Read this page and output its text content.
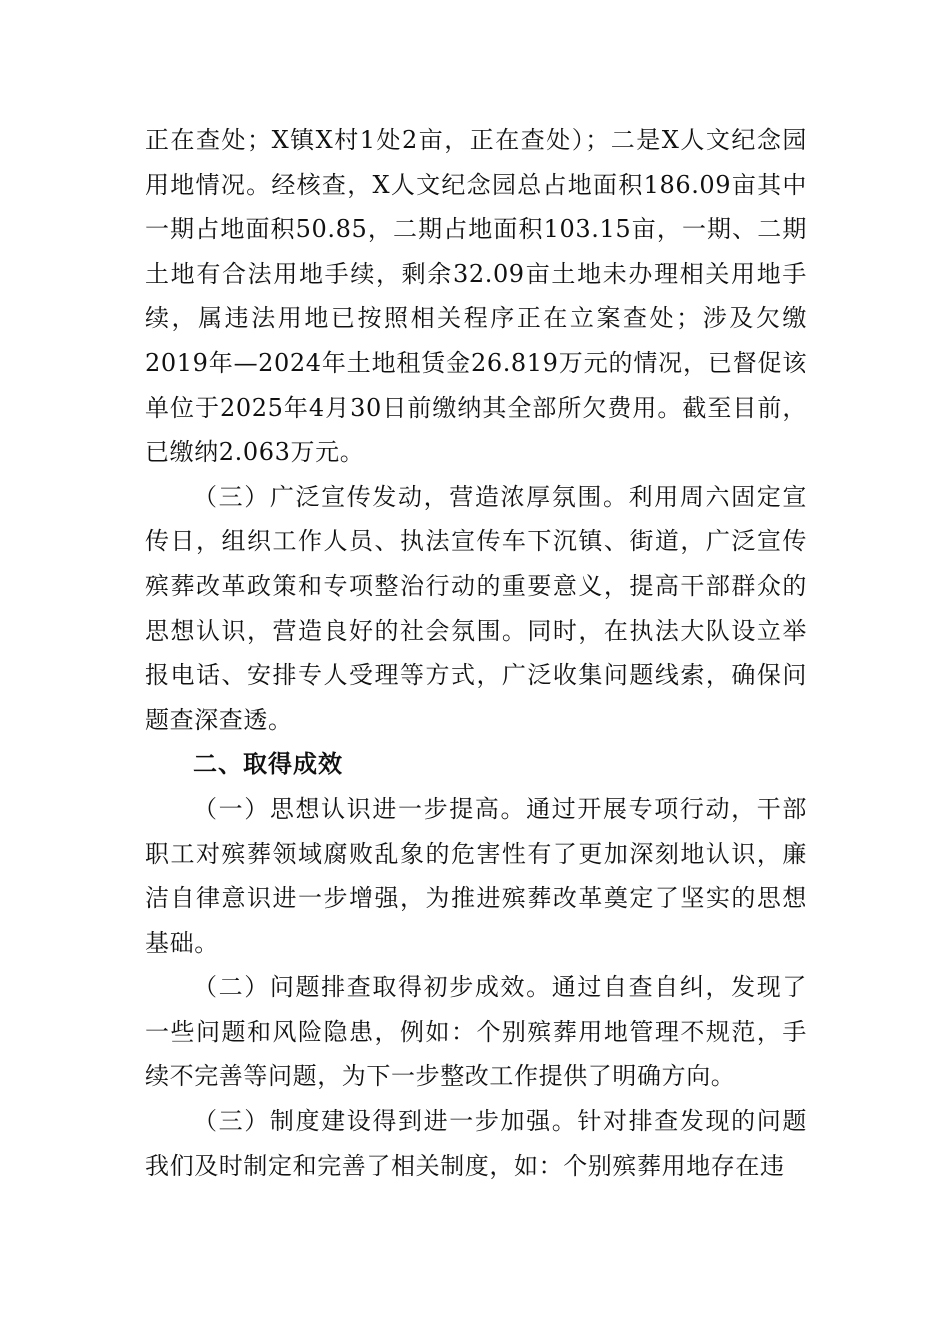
正在查处；X镇X村1处2亩，正在查处）；二是X人文纪念园用地情况。经核查，X人文纪念园总占地面积186.09亩其中一期占地面积50.85，二期占地面积103.15亩，一期、二期土地有合法用地手续，剩余32.09亩土地未办理相关用地手续，属违法用地已按照相关程序正在立案查处；涉及欠缴2019年—2024年土地租赁金26.819万元的情况，已督促该单位于2025年4月30日前缴纳其全部所欠费用。截至目前，已缴纳2.063万元。

（三）广泛宣传发动，营造浓厚氛围。利用周六固定宣传日，组织工作人员、执法宣传车下沉镇、街道，广泛宣传殡葬改革政策和专项整治行动的重要意义，提高干部群众的思想认识，营造良好的社会氛围。同时，在执法大队设立举报电话、安排专人受理等方式，广泛收集问题线索，确保问题查深查透。

二、取得成效

（一）思想认识进一步提高。通过开展专项行动，干部职工对殡葬领域腐败乱象的危害性有了更加深刻地认识，廉洁自律意识进一步增强，为推进殡葬改革奠定了坚实的思想基础。

（二）问题排查取得初步成效。通过自查自纠，发现了一些问题和风险隐患，例如：个别殡葬用地管理不规范，手续不完善等问题，为下一步整改工作提供了明确方向。

（三）制度建设得到进一步加强。针对排查发现的问题我们及时制定和完善了相关制度，如：个别殡葬用地存在违
